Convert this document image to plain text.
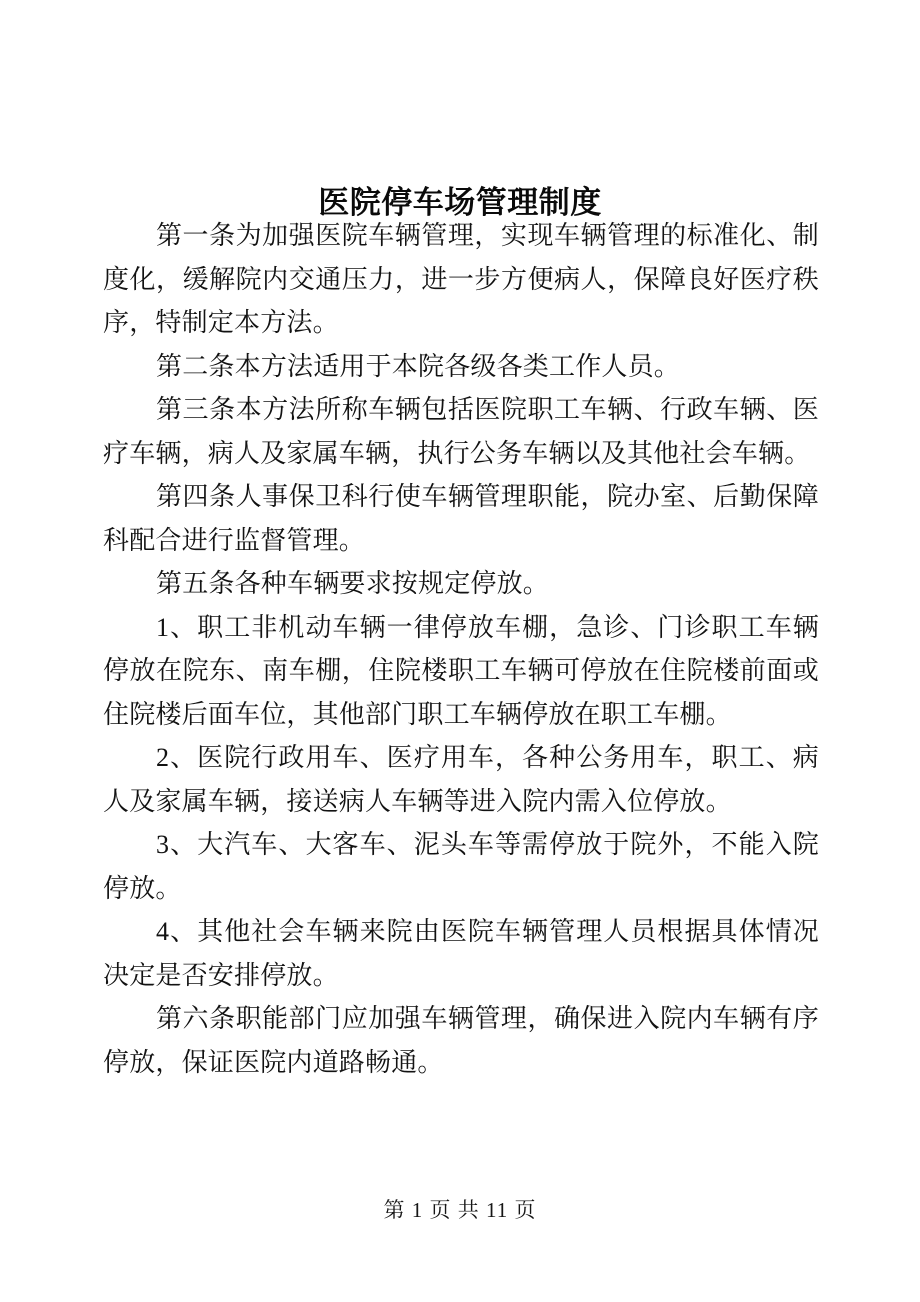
医院停车场管理制度

第一条为加强医院车辆管理，实现车辆管理的标准化、制度化，缓解院内交通压力，进一步方便病人，保障良好医疗秩序，特制定本方法。

第二条本方法适用于本院各级各类工作人员。

第三条本方法所称车辆包括医院职工车辆、行政车辆、医疗车辆，病人及家属车辆，执行公务车辆以及其他社会车辆。

第四条人事保卫科行使车辆管理职能，院办室、后勤保障科配合进行监督管理。

第五条各种车辆要求按规定停放。

1、职工非机动车辆一律停放车棚，急诊、门诊职工车辆停放在院东、南车棚，住院楼职工车辆可停放在住院楼前面或住院楼后面车位，其他部门职工车辆停放在职工车棚。

2、医院行政用车、医疗用车，各种公务用车，职工、病人及家属车辆，接送病人车辆等进入院内需入位停放。

3、大汽车、大客车、泥头车等需停放于院外，不能入院停放。

4、其他社会车辆来院由医院车辆管理人员根据具体情况决定是否安排停放。

第六条职能部门应加强车辆管理，确保进入院内车辆有序停放，保证医院内道路畅通。

第 1 页 共 11 页
